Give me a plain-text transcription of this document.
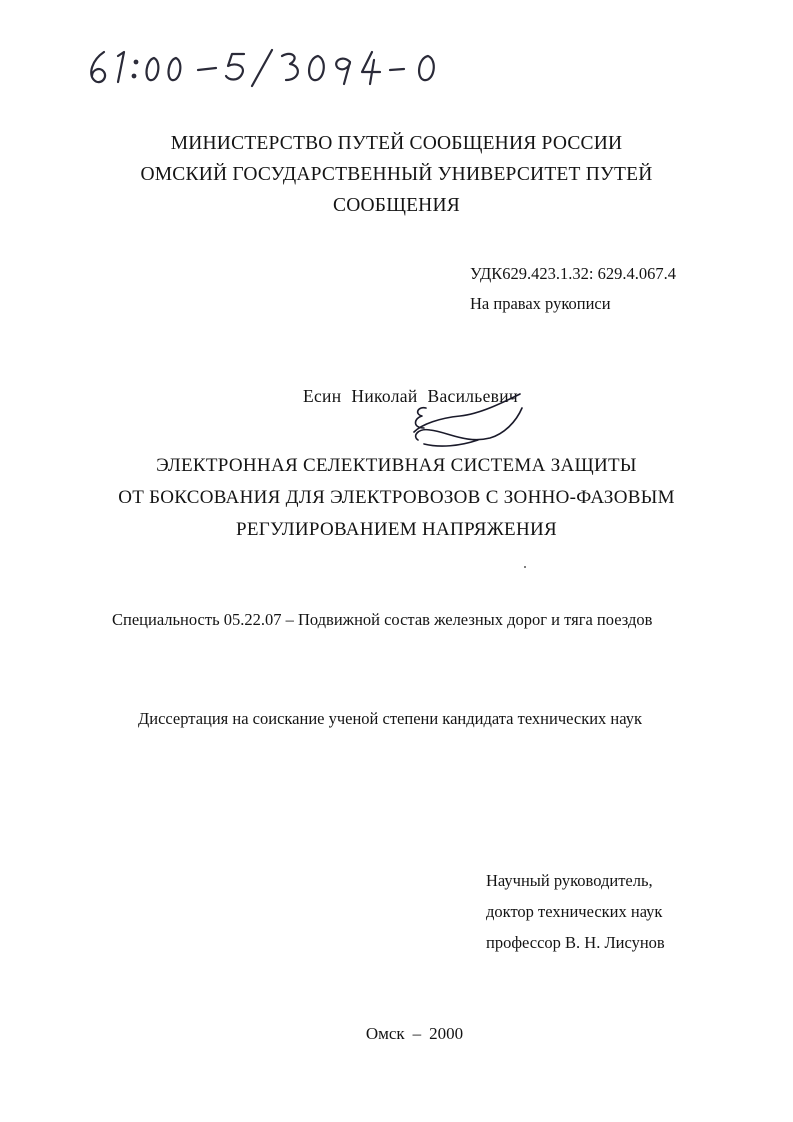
МИНИСТЕРСТВО ПУТЕЙ СООБЩЕНИЯ РОССИИ
ОМСКИЙ ГОСУДАРСТВЕННЫЙ УНИВЕРСИТЕТ ПУТЕЙ
СООБЩЕНИЯ
УДК629.423.1.32: 629.4.067.4
На правах рукописи
Есин Николай Васильевич
ЭЛЕКТРОННАЯ СЕЛЕКТИВНАЯ СИСТЕМА ЗАЩИТЫ
ОТ БОКСОВАНИЯ ДЛЯ ЭЛЕКТРОВОЗОВ С ЗОННО-ФАЗОВЫМ
РЕГУЛИРОВАНИЕМ НАПРЯЖЕНИЯ
Специальность 05.22.07 – Подвижной состав железных дорог и тяга поездов
Диссертация на соискание ученой степени кандидата технических наук
Научный руководитель,
доктор технических наук
профессор В. Н. Лисунов
Омск – 2000
